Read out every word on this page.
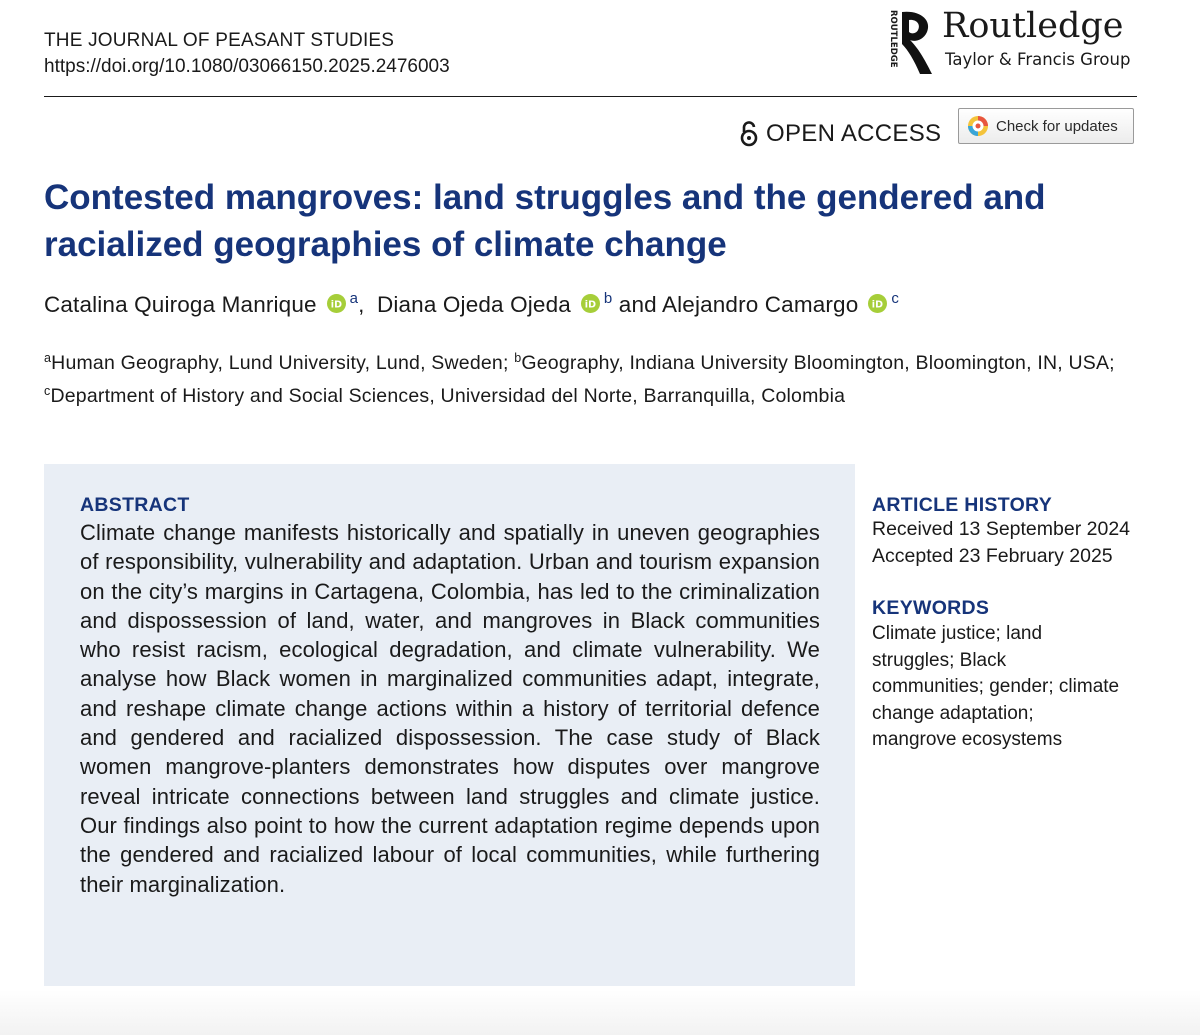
THE JOURNAL OF PEASANT STUDIES
https://doi.org/10.1080/03066150.2025.2476003	ROUTLEDGE Routledge
Taylor & Francis Group
OPEN ACCESS	Check for updates
Contested mangroves: land struggles and the gendered and racialized geographies of climate change
Catalina Quiroga Manrique iD $^a$, Diana Ojeda Ojeda iD $^b$ and Alejandro Camargo iD $^c$
$^a$Human Geography, Lund University, Lund, Sweden; $^b$Geography, Indiana University Bloomington, Bloomington, IN, USA; $^c$Department of History and Social Sciences, Universidad del Norte, Barranquilla, Colombia
ABSTRACT
Climate change manifests historically and spatially in uneven geographies of responsibility, vulnerability and adaptation. Urban and tourism expansion on the city’s margins in Cartagena, Colombia, has led to the criminalization and dispossession of land, water, and mangroves in Black communities who resist racism, ecological degradation, and climate vulnerability. We analyse how Black women in marginalized communities adapt, integrate, and reshape climate change actions within a history of territorial defence and gendered and racialized dispossession. The case study of Black women mangrove-planters demonstrates how disputes over mangrove reveal intricate connections between land struggles and climate justice. Our findings also point to how the current adaptation regime depends upon the gendered and racialized labour of local communities, while furthering their marginalization.
ARTICLE HISTORY
Received 13 September 2024
Accepted 23 February 2025
KEYWORDS
Climate justice; land struggles; Black communities; gender; climate change adaptation; mangrove ecosystems
